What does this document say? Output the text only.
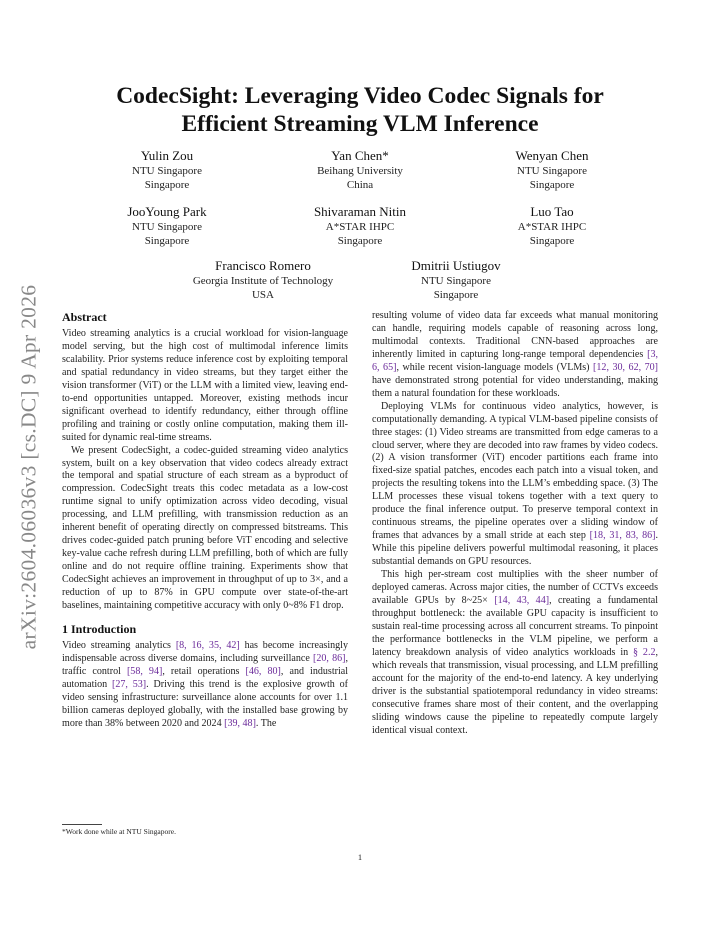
arXiv:2604.06036v3 [cs.DC] 9 Apr 2026
CodecSight: Leveraging Video Codec Signals for
Efficient Streaming VLM Inference
Yulin Zou
NTU Singapore
Singapore
Yan Chen*
Beihang University
China
Wenyan Chen
NTU Singapore
Singapore
JooYoung Park
NTU Singapore
Singapore
Shivaraman Nitin
A*STAR IHPC
Singapore
Luo Tao
A*STAR IHPC
Singapore
Francisco Romero
Georgia Institute of Technology
USA
Dmitrii Ustiugov
NTU Singapore
Singapore
Abstract

Video streaming analytics is a crucial workload for vision-language model serving, but the high cost of multimodal inference limits scalability. Prior systems reduce inference cost by exploiting temporal and spatial redundancy in video streams, but they target either the vision transformer (ViT) or the LLM with a limited view, leaving end-to-end opportunities untapped. Moreover, existing methods incur significant overhead to identify redundancy, either through offline profiling and training or costly online computation, making them ill-suited for dynamic real-time streams.

We present CodecSight, a codec-guided streaming video analytics system, built on a key observation that video codecs already extract the temporal and spatial structure of each stream as a byproduct of compression. CodecSight treats this codec metadata as a low-cost runtime signal to unify optimization across video decoding, visual processing, and LLM prefilling, with transmission reduction as an inherent benefit of operating directly on compressed bitstreams. This drives codec-guided patch pruning before ViT encoding and selective key-value cache refresh during LLM prefilling, both of which are fully online and do not require offline training. Experiments show that CodecSight achieves an improvement in throughput of up to 3×, and a reduction of up to 87% in GPU compute over state-of-the-art baselines, maintaining competitive accuracy with only 0~8% F1 drop.

1 Introduction

Video streaming analytics [8, 16, 35, 42] has become increasingly indispensable across diverse domains, including surveillance [20, 86], traffic control [58, 94], retail operations [46, 80], and industrial automation [27, 53]. Driving this trend is the explosive growth of video sensing infrastructure: surveillance alone accounts for over 1.1 billion cameras deployed globally, with the installed base growing by more than 38% between 2020 and 2024 [39, 48]. The

resulting volume of video data far exceeds what manual monitoring can handle, requiring models capable of reasoning across long, multimodal contexts. Traditional CNN-based approaches are inherently limited in capturing long-range temporal dependencies [3, 6, 65], while recent vision-language models (VLMs) [12, 30, 62, 70] have demonstrated strong potential for video understanding, making them a natural foundation for these workloads.

Deploying VLMs for continuous video analytics, however, is computationally demanding. A typical VLM-based pipeline consists of three stages: (1) Video streams are transmitted from edge cameras to a cloud server, where they are decoded into raw frames by video codecs. (2) A vision transformer (ViT) encoder partitions each frame into fixed-size spatial patches, encodes each patch into a visual token, and projects the resulting tokens into the LLM’s embedding space. (3) The LLM processes these visual tokens together with a text query to produce the final inference output. To preserve temporal context in continuous streams, the pipeline operates over a sliding window of frames that advances by a small stride at each step [18, 31, 83, 86]. While this pipeline delivers powerful multimodal reasoning, it places substantial demands on GPU resources.

This high per-stream cost multiplies with the sheer number of deployed cameras. Across major cities, the number of CCTVs exceeds available GPUs by 8~25× [14, 43, 44], creating a fundamental throughput bottleneck: the available GPU capacity is insufficient to sustain real-time processing across all concurrent streams. To pinpoint the performance bottlenecks in the VLM pipeline, we perform a latency breakdown analysis of video analytics workloads in § 2.2, which reveals that transmission, visual processing, and LLM prefilling account for the majority of the end-to-end latency. A key underlying driver is the substantial spatiotemporal redundancy in video streams: consecutive frames share most of their content, and the overlapping sliding windows cause the pipeline to repeatedly compute largely identical visual context.

*Work done while at NTU Singapore.
1
